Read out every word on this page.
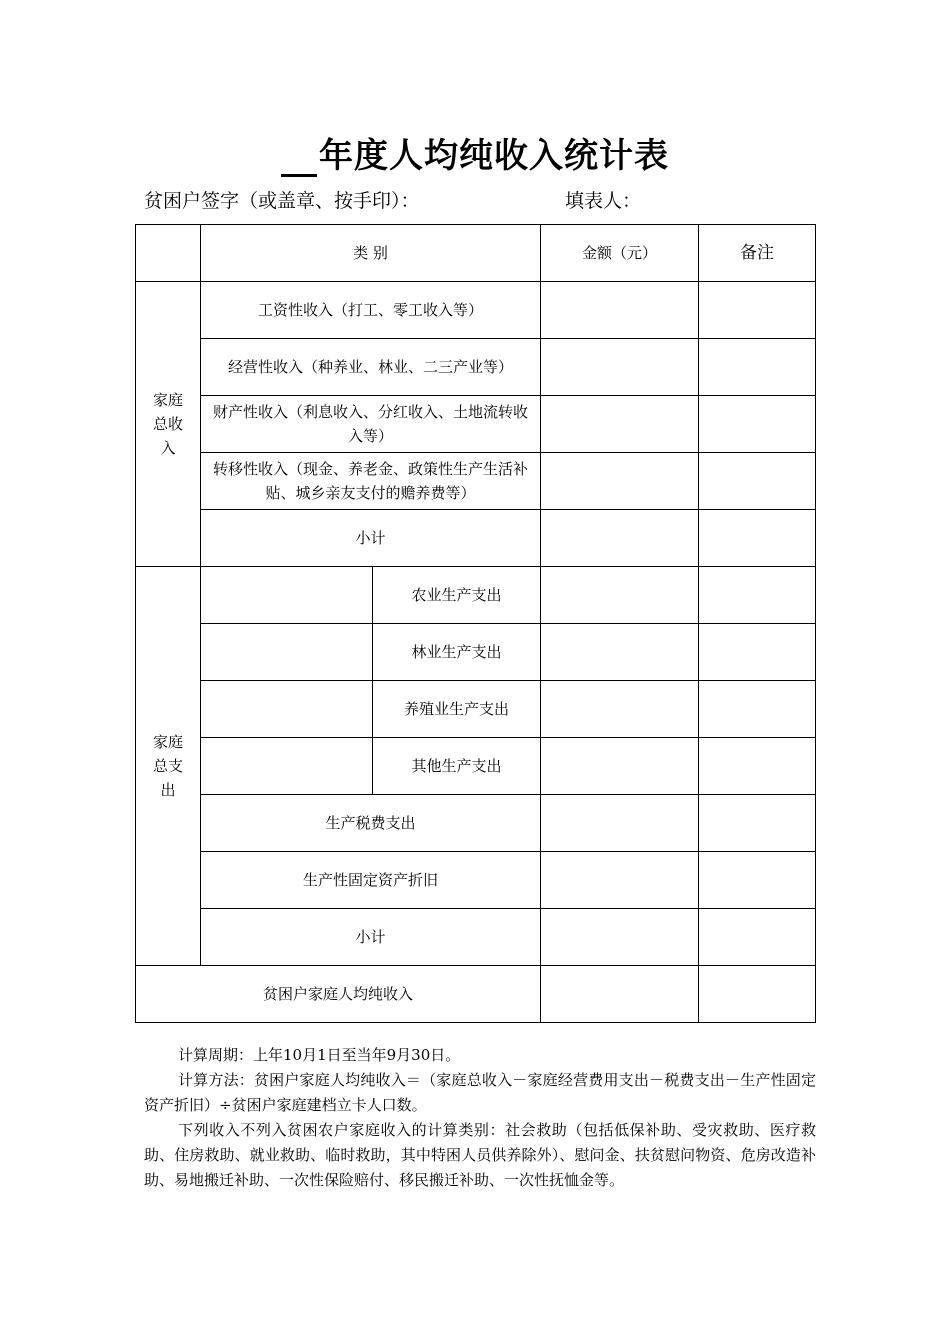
年度人均纯收入统计表
贫困户签字（或盖章、按手印）：	填表人：
	类 别		金额（元）	备注
家庭总收入	工资性收入（打工、零工收入等）			
	经营性收入（种养业、林业、二三产业等）			
	财产性收入（利息收入、分红收入、土地流转收入等）			
	转移性收入（现金、养老金、政策性生产生活补贴、城乡亲友支付的赡养费等）			
	小计			
家庭总支出		农业生产支出		
		林业生产支出		
		养殖业生产支出		
		其他生产支出		
	生产税费支出			
	生产性固定资产折旧			
	小计			
贫困户家庭人均纯收入				

计算周期：上年10月1日至当年9月30日。

计算方法：贫困户家庭人均纯收入＝（家庭总收入－家庭经营费用支出－税费支出－生产性固定资产折旧）÷贫困户家庭建档立卡人口数。

下列收入不列入贫困农户家庭收入的计算类别：社会救助（包括低保补助、受灾救助、医疗救助、住房救助、就业救助、临时救助，其中特困人员供养除外）、慰问金、扶贫慰问物资、危房改造补助、易地搬迁补助、一次性保险赔付、移民搬迁补助、一次性抚恤金等。
